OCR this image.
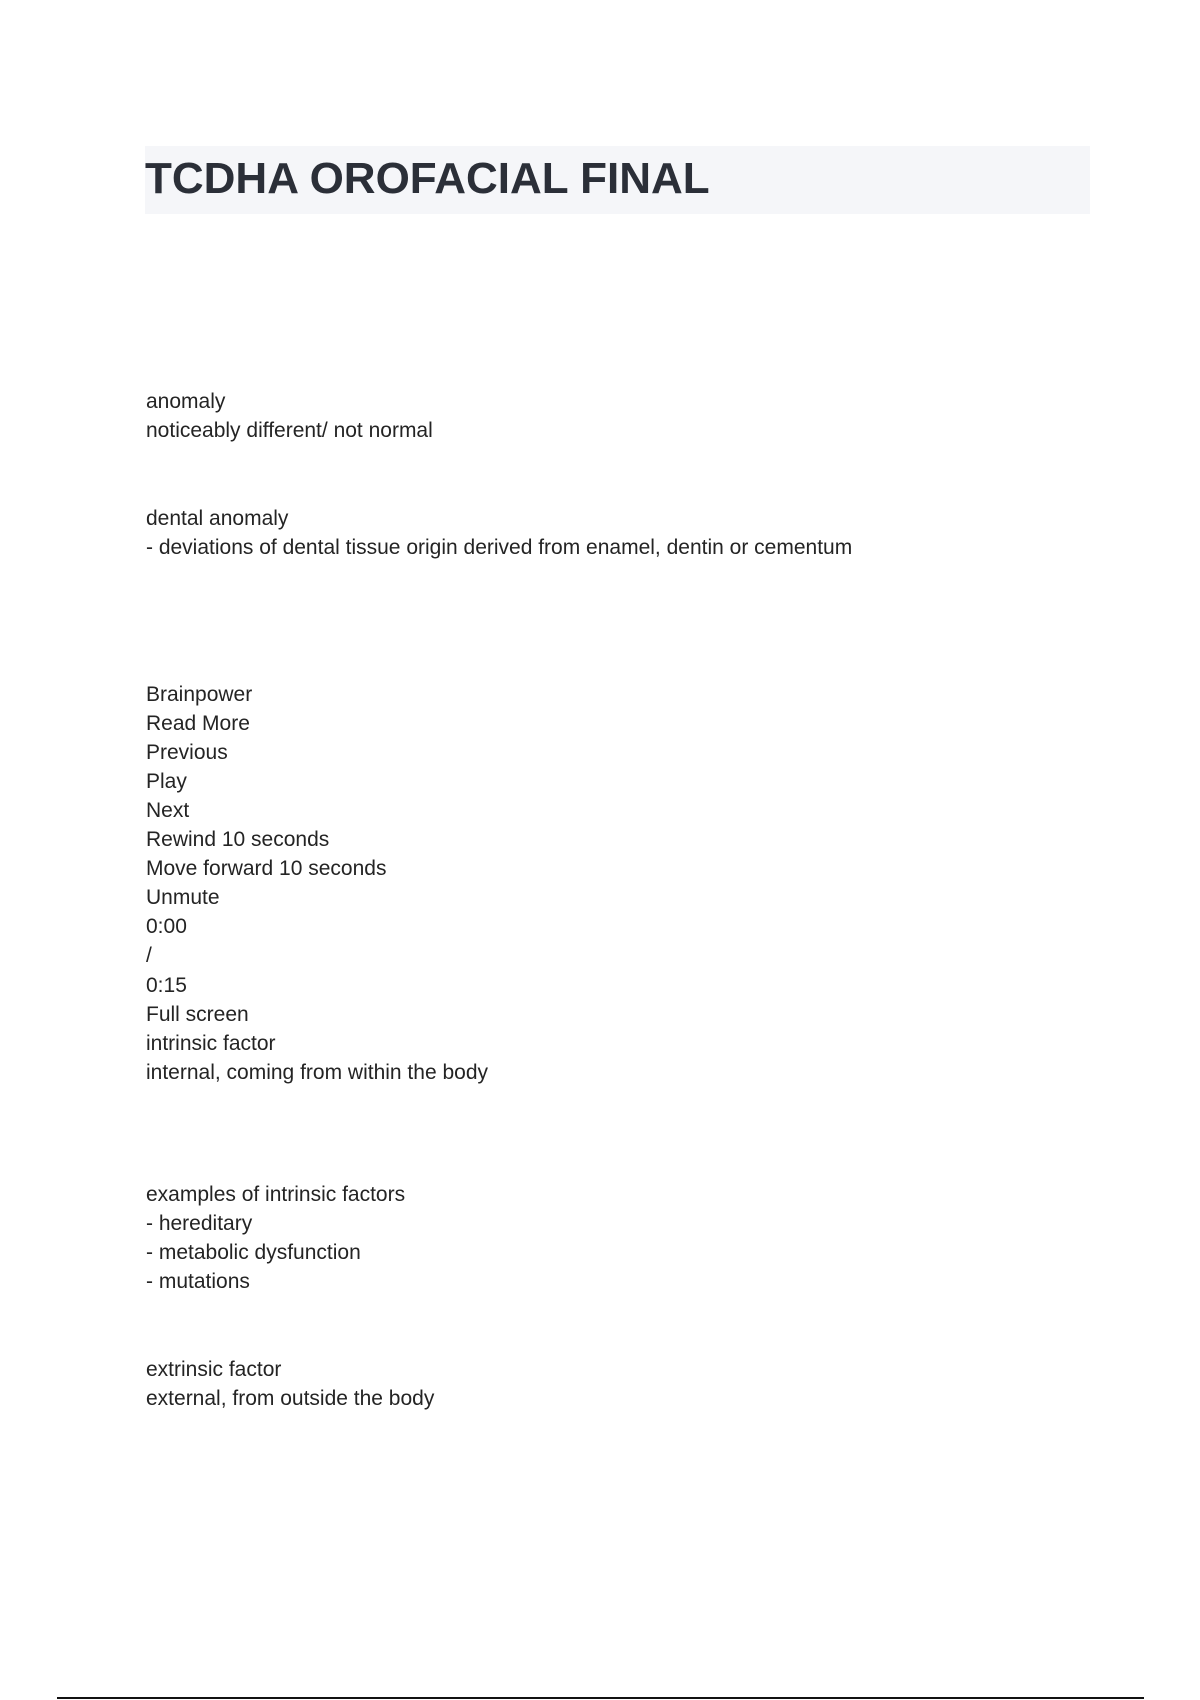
TCDHA OROFACIAL FINAL
anomaly
noticeably different/ not normal
dental anomaly
- deviations of dental tissue origin derived from enamel, dentin or cementum
Brainpower
Read More
Previous
Play
Next
Rewind 10 seconds
Move forward 10 seconds
Unmute
0:00
/
0:15
Full screen
intrinsic factor
internal, coming from within the body
examples of intrinsic factors
- hereditary
- metabolic dysfunction
- mutations
extrinsic factor
external, from outside the body
